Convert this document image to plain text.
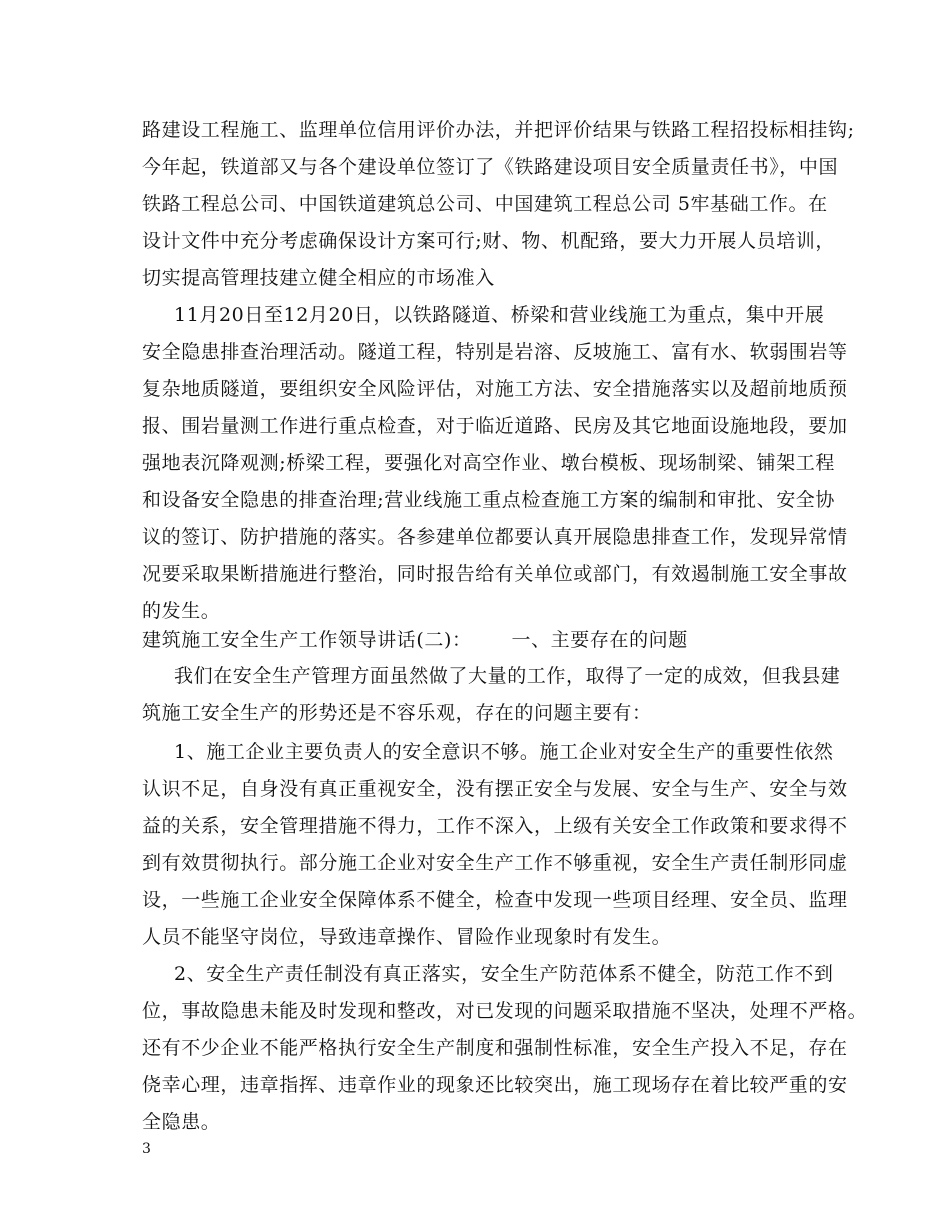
路建设工程施工、监理单位信用评价办法，并把评价结果与铁路工程招投标相挂钩;
今年起，铁道部又与各个建设单位签订了《铁路建设项目安全质量责任书》，中国
铁路工程总公司、中国铁道建筑总公司、中国建筑工程总公司 5牢基础工作。在
设计文件中充分考虑确保设计方案可行;财、物、机配臵，要大力开展人员培训，
切实提高管理技建立健全相应的市场准入
11月20日至12月20日，以铁路隧道、桥梁和营业线施工为重点，集中开展
安全隐患排查治理活动。隧道工程，特别是岩溶、反坡施工、富有水、软弱围岩等
复杂地质隧道，要组织安全风险评估，对施工方法、安全措施落实以及超前地质预
报、围岩量测工作进行重点检查，对于临近道路、民房及其它地面设施地段，要加
强地表沉降观测;桥梁工程，要强化对高空作业、墩台模板、现场制梁、铺架工程
和设备安全隐患的排查治理;营业线施工重点检查施工方案的编制和审批、安全协
议的签订、防护措施的落实。各参建单位都要认真开展隐患排查工作，发现异常情
况要采取果断措施进行整治，同时报告给有关单位或部门，有效遏制施工安全事故
的发生。
建筑施工安全生产工作领导讲话(二)：      一、主要存在的问题
我们在安全生产管理方面虽然做了大量的工作，取得了一定的成效，但我县建
筑施工安全生产的形势还是不容乐观，存在的问题主要有：
1、施工企业主要负责人的安全意识不够。施工企业对安全生产的重要性依然
认识不足，自身没有真正重视安全，没有摆正安全与发展、安全与生产、安全与效
益的关系，安全管理措施不得力，工作不深入，上级有关安全工作政策和要求得不
到有效贯彻执行。部分施工企业对安全生产工作不够重视，安全生产责任制形同虚
设，一些施工企业安全保障体系不健全，检查中发现一些项目经理、安全员、监理
人员不能坚守岗位，导致违章操作、冒险作业现象时有发生。
2、安全生产责任制没有真正落实，安全生产防范体系不健全，防范工作不到
位，事故隐患未能及时发现和整改，对已发现的问题采取措施不坚决，处理不严格。
还有不少企业不能严格执行安全生产制度和强制性标准，安全生产投入不足，存在
侥幸心理，违章指挥、违章作业的现象还比较突出，施工现场存在着比较严重的安
全隐患。
3
